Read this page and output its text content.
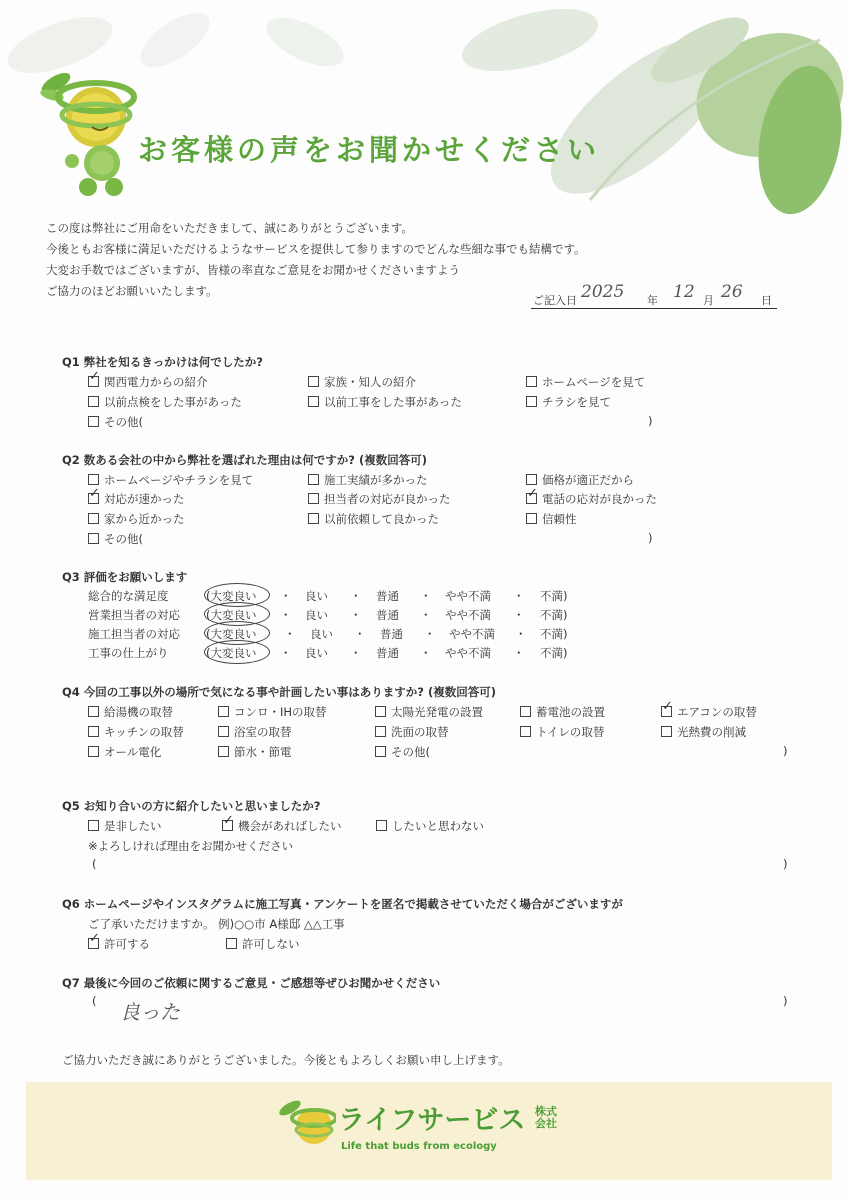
お客様の声をお聞かせください
この度は弊社にご用命をいただきまして、誠にありがとうございます。
今後ともお客様に満足いただけるようなサービスを提供して参りますのでどんな些細な事でも結構です。
大変お手数ではございますが、皆様の率直なご意見をお聞かせくださいますよう
ご協力のほどお願いいたします。
ご記入日 2025 年 12 月 26 日
Q1 弊社を知るきっかけは何でしたか?
✓関西電力からの紹介	家族・知人の紹介	ホームページを見て
以前点検をした事があった	以前工事をした事があった	チラシを見て
その他(	)
Q2 数ある会社の中から弊社を選ばれた理由は何ですか? (複数回答可)
ホームページやチラシを見て	施工実績が多かった	価格が適正だから
✓対応が速かった	担当者の対応が良かった ✓	電話の応対が良かった
家から近かった	以前依頼して良かった	信頼性
その他(	)
Q3 評価をお願いします
総合的な満足度	(大変良い ・ 良い ・ 普通 ・ やや不満 ・ 不満)
営業担当者の対応 (大変良い ・ 良い ・ 普通 ・ やや不満 ・ 不満)
施工担当者の対応 (大変良い ・ 良い ・ 普通 ・ やや不満 ・ 不満)
工事の仕上がり	(大変良い ・ 良い ・ 普通 ・ やや不満 ・ 不満)
Q4 今回の工事以外の場所で気になる事や計画したい事はありますか? (複数回答可)
給湯機の取替	コンロ・IHの取替	太陽光発電の設置	蓄電池の設置 ✓	エアコンの取替
キッチンの取替	浴室の取替	洗面の取替	トイレの取替	光熱費の削減
オール電化	節水・節電	その他(	)
Q5 お知り合いの方に紹介したいと思いましたか?
是非したい ✓	機会があればしたい	したいと思わない
※よろしければ理由をお聞かせください
(	)
Q6 ホームページやインスタグラムに施工写真・アンケートを匿名で掲載させていただく場合がございますが
ご了承いただけますか。 例)○○市 A様邸 △△工事
✓許可する	許可しない
Q7 最後に今回のご依頼に関するご意見・ご感想等ぜひお聞かせください
( 良った	)
ご協力いただき誠にありがとうございました。今後ともよろしくお願い申し上げます。
ライフサービス 株式会社
Life that buds from ecology
